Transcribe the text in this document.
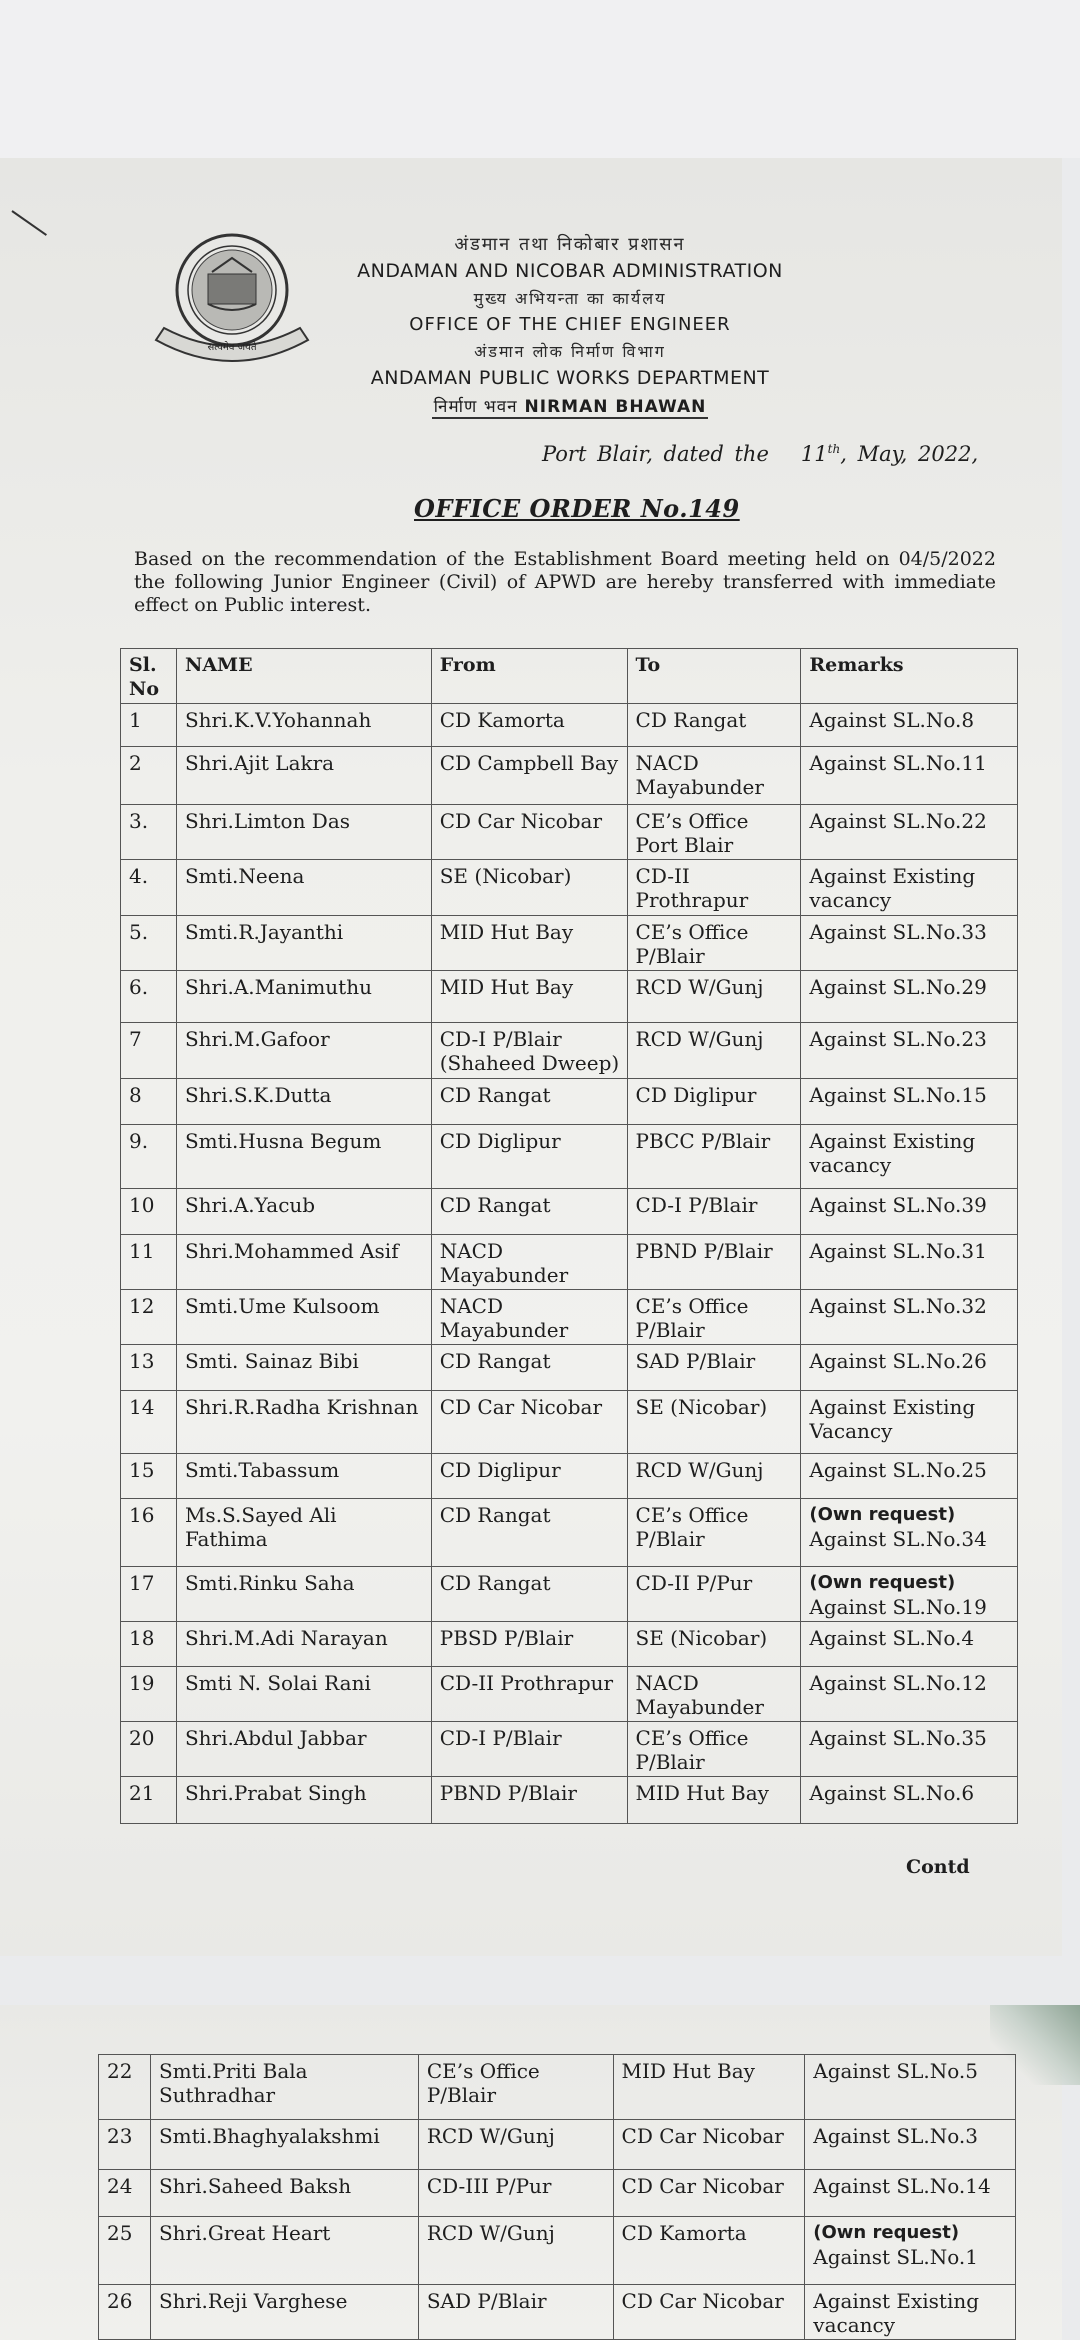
सत्यमेव जयते
अंडमान तथा निकोबार प्रशासन
ANDAMAN AND NICOBAR ADMINISTRATION
मुख्य अभियन्ता का कार्यलय
OFFICE OF THE CHIEF ENGINEER
अंडमान लोक निर्माण विभाग
ANDAMAN PUBLIC WORKS DEPARTMENT
निर्माण भवन NIRMAN BHAWAN
Port Blair, dated the 11th, May, 2022,
OFFICE ORDER No.149
Based on the recommendation of the Establishment Board meeting held on 04/5/2022 the following Junior Engineer (Civil) of APWD are hereby transferred with immediate effect on Public interest.
Sl. No	NAME	From	To	Remarks
1	Shri.K.V.Yohannah	CD Kamorta	CD Rangat	Against SL.No.8

2	Shri.Ajit Lakra	CD Campbell Bay	NACD Mayabunder	Against SL.No.11

3.	Shri.Limton Das	CD Car Nicobar	CE’s Office Port Blair	Against SL.No.22

4.	Smti.Neena	SE (Nicobar)	CD-II Prothrapur	Against Existing vacancy

5.	Smti.R.Jayanthi	MID Hut Bay	CE’s Office P/Blair	Against SL.No.33

6.	Shri.A.Manimuthu	MID Hut Bay	RCD W/Gunj	Against SL.No.29

7	Shri.M.Gafoor	CD-I P/Blair (Shaheed Dweep)	RCD W/Gunj	Against SL.No.23

8	Shri.S.K.Dutta	CD Rangat	CD Diglipur	Against SL.No.15

9.	Smti.Husna Begum	CD Diglipur	PBCC P/Blair	Against Existing vacancy

10	Shri.A.Yacub	CD Rangat	CD-I P/Blair	Against SL.No.39

11	Shri.Mohammed Asif	NACD Mayabunder	PBND P/Blair	Against SL.No.31

12	Smti.Ume Kulsoom	NACD Mayabunder	CE’s Office P/Blair	Against SL.No.32

13	Smti. Sainaz Bibi	CD Rangat	SAD P/Blair	Against SL.No.26

14	Shri.R.Radha Krishnan	CD Car Nicobar	SE (Nicobar)	Against Existing Vacancy

15	Smti.Tabassum	CD Diglipur	RCD W/Gunj	Against SL.No.25

16	Ms.S.Sayed Ali Fathima	CD Rangat	CE’s Office P/Blair	(Own request)
Against SL.No.34

17	Smti.Rinku Saha	CD Rangat	CD-II P/Pur	(Own request)
Against SL.No.19

18	Shri.M.Adi Narayan	PBSD P/Blair	SE (Nicobar)	Against SL.No.4

19	Smti N. Solai Rani	CD-II Prothrapur	NACD Mayabunder	Against SL.No.12

20	Shri.Abdul Jabbar	CD-I P/Blair	CE’s Office P/Blair	Against SL.No.35

21	Shri.Prabat Singh	PBND P/Blair	MID Hut Bay	Against SL.No.6
Contd
22	Smti.Priti Bala Suthradhar	CE’s Office P/Blair	MID Hut Bay	Against SL.No.5

23	Smti.Bhaghyalakshmi	RCD W/Gunj	CD Car Nicobar	Against SL.No.3

24	Shri.Saheed Baksh	CD-III P/Pur	CD Car Nicobar	Against SL.No.14

25	Shri.Great Heart	RCD W/Gunj	CD Kamorta	(Own request)
Against SL.No.1

26	Shri.Reji Varghese	SAD P/Blair	CD Car Nicobar	Against Existing vacancy
